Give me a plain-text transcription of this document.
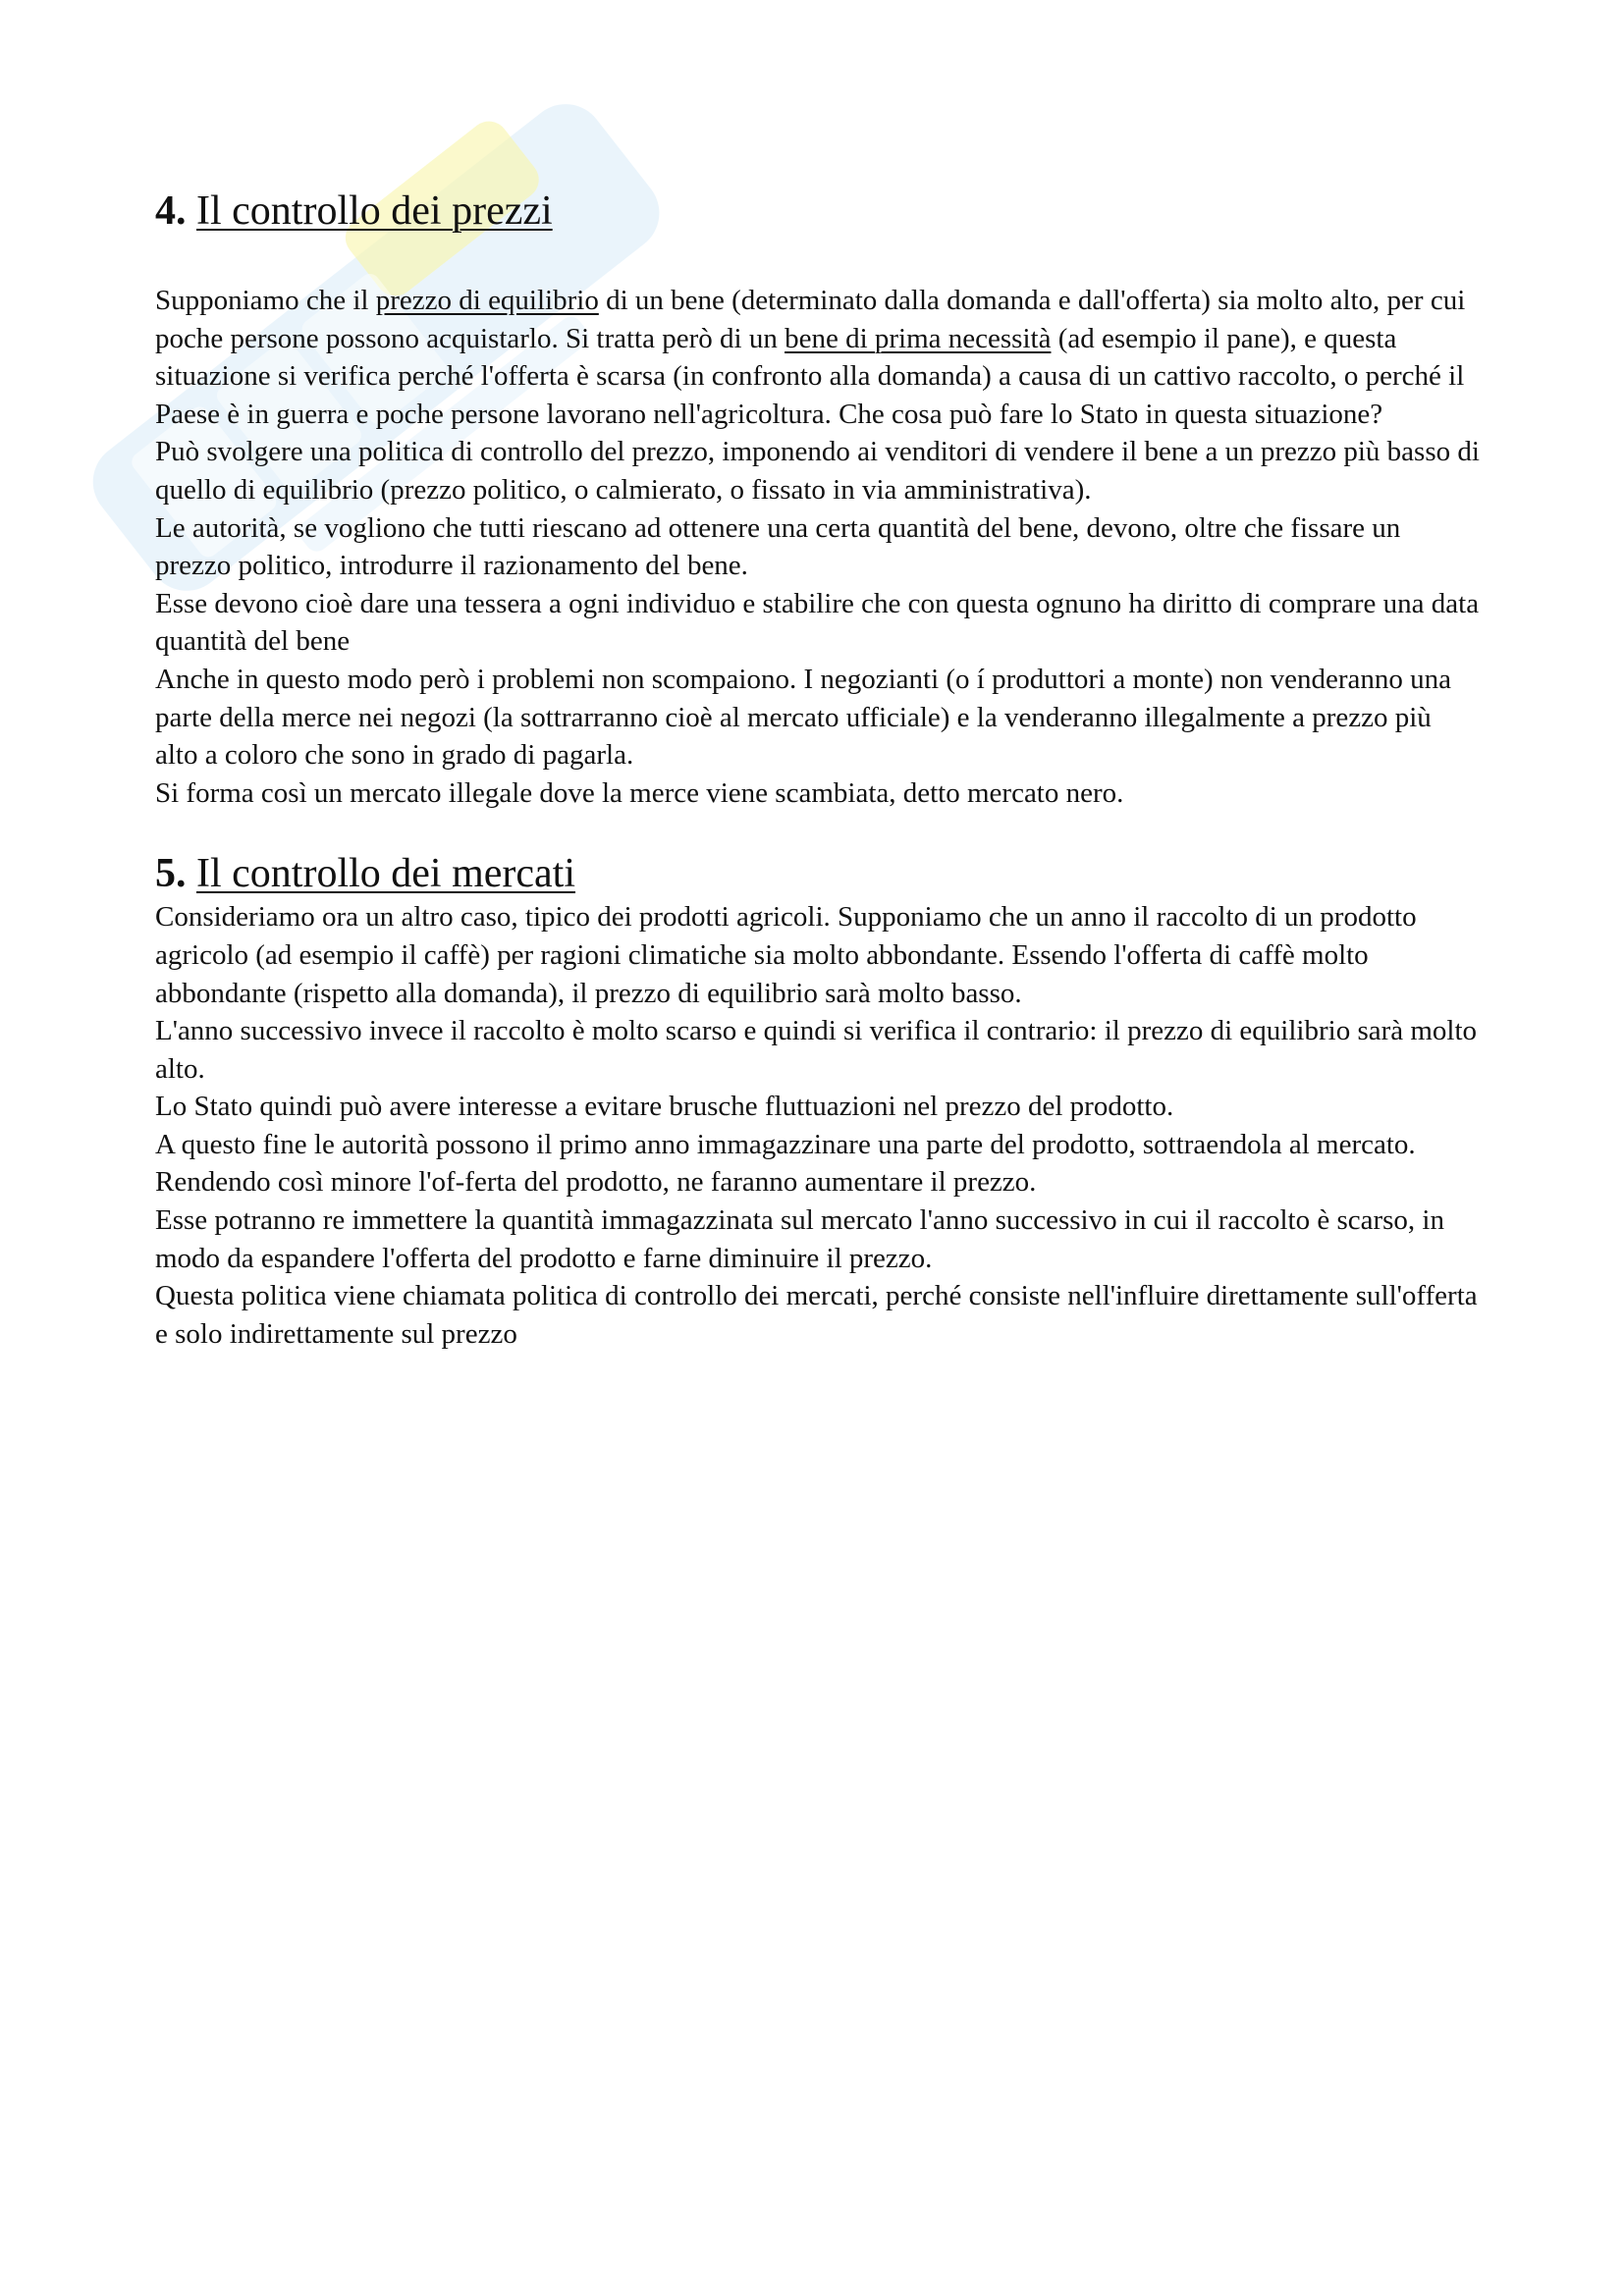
4. Il controllo dei prezzi

Supponiamo che il prezzo di equilibrio di un bene (determinato dalla domanda e dall'offerta) sia molto alto, per cui poche persone possono acquistarlo. Si tratta però di un bene di prima necessità (ad esempio il pane), e questa situazione si verifica perché l'offerta è scarsa (in confronto alla domanda) a causa di un cattivo raccolto, o perché il Paese è in guerra e poche persone lavorano nell'agricoltura. Che cosa può fare lo Stato in questa situazione?

Può svolgere una politica di controllo del prezzo, imponendo ai venditori di vendere il bene a un prezzo più basso di quello di equilibrio (prezzo politico, o calmierato, o fissato in via amministrativa).

Le autorità, se vogliono che tutti riescano ad ottenere una certa quantità del bene, devono, oltre che fissare un prezzo politico, introdurre il razionamento del bene.

Esse devono cioè dare una tessera a ogni individuo e stabilire che con questa ognuno ha diritto di comprare una data quantità del bene

Anche in questo modo però i problemi non scompaiono. I negozianti (o í produttori a monte) non venderanno una parte della merce nei negozi (la sottrarranno cioè al mercato ufficiale) e la venderanno illegalmente a prezzo più alto a coloro che sono in grado di pagarla.

Si forma così un mercato illegale dove la merce viene scambiata, detto mercato nero.

5. Il controllo dei mercati

Consideriamo ora un altro caso, tipico dei prodotti agricoli. Supponiamo che un anno il raccolto di un prodotto agricolo (ad esempio il caffè) per ragioni climatiche sia molto abbondante. Essendo l'offerta di caffè molto abbondante (rispetto alla domanda), il prezzo di equilibrio sarà molto basso.

L'anno successivo invece il raccolto è molto scarso e quindi si verifica il contrario: il prezzo di equilibrio sarà molto alto.

Lo Stato quindi può avere interesse a evitare brusche fluttuazioni nel prezzo del prodotto.

A questo fine le autorità possono il primo anno immagazzinare una parte del prodotto, sottraendola al mercato. Rendendo così minore l'of-ferta del prodotto, ne faranno aumentare il prezzo.

Esse potranno re immettere la quantità immagazzinata sul mercato l'anno successivo in cui il raccolto è scarso, in modo da espandere l'offerta del prodotto e farne diminuire il prezzo.

Questa politica viene chiamata politica di controllo dei mercati, perché consiste nell'influire direttamente sull'offerta e solo indirettamente sul prezzo
